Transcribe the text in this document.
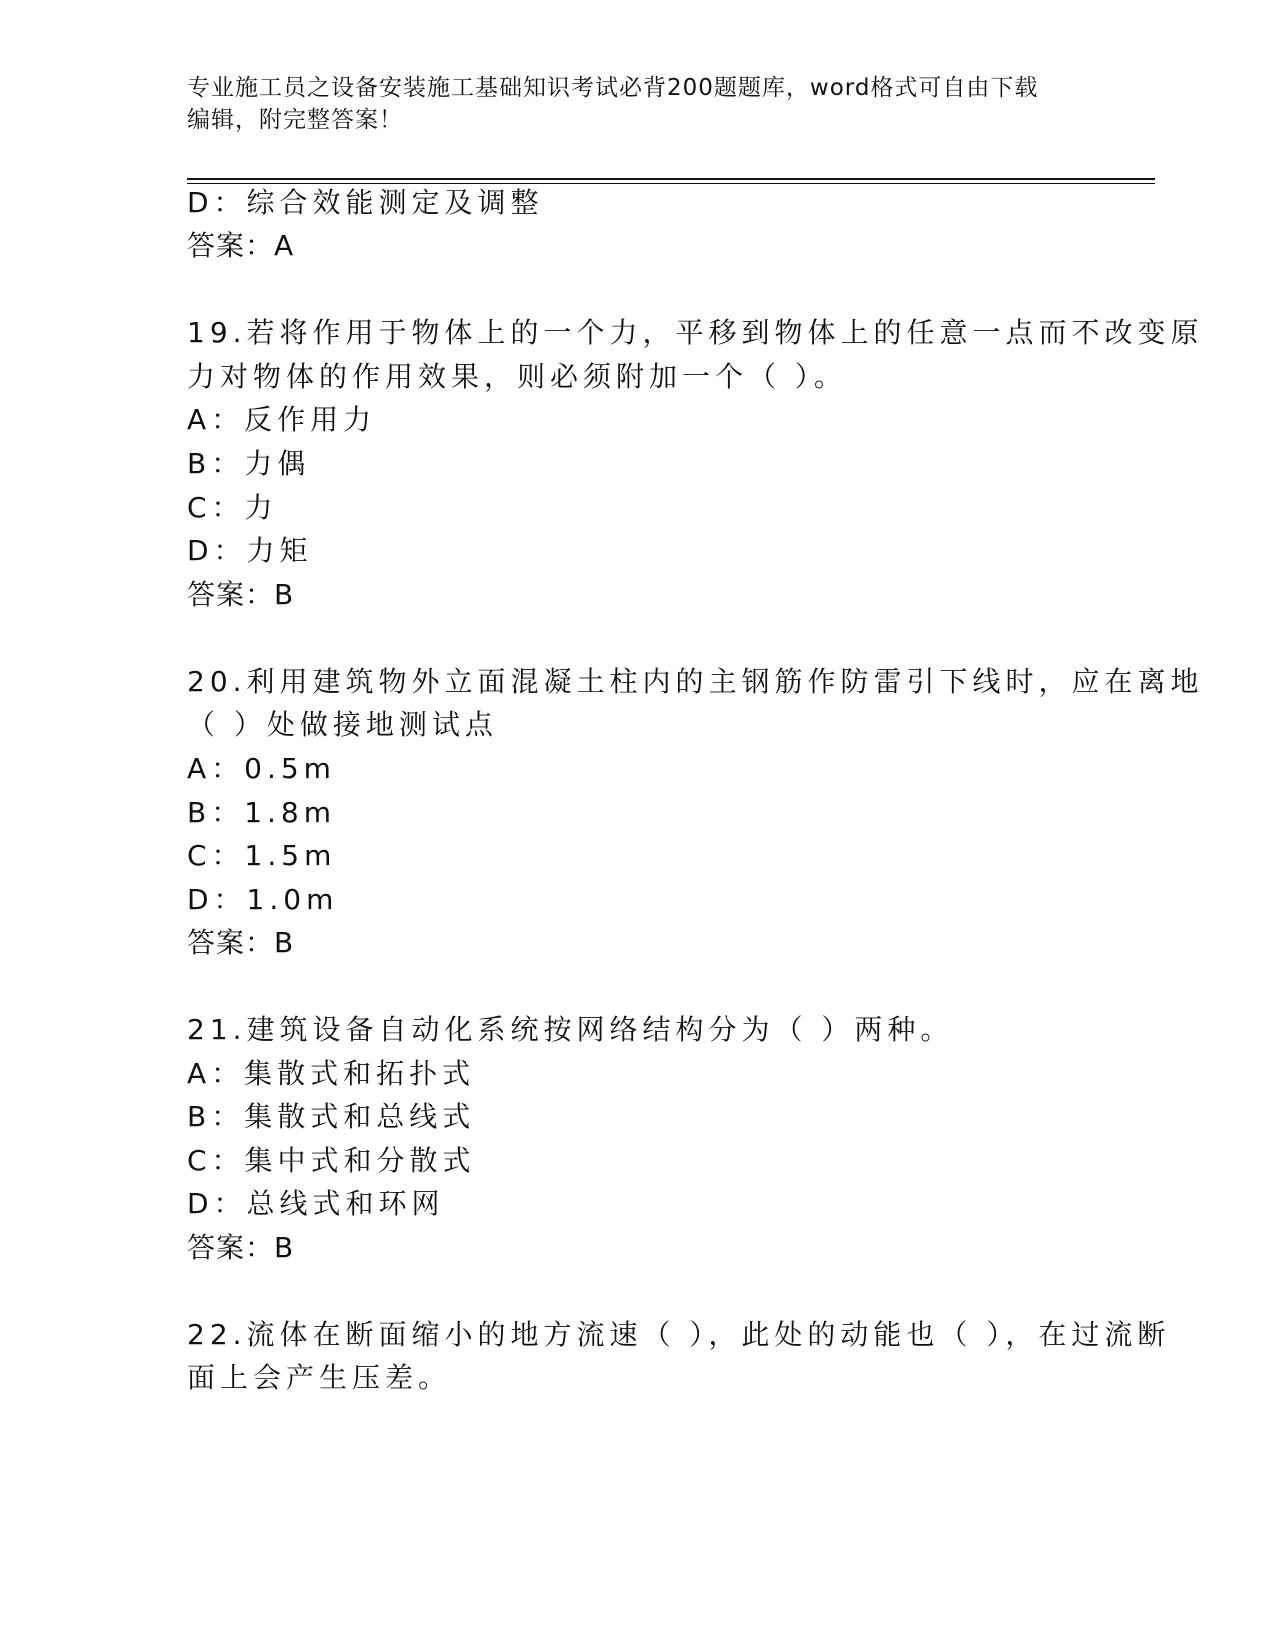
专业施工员之设备安装施工基础知识考试必背200题题库，word格式可自由下载
编辑，附完整答案！
D：综合效能测定及调整
答案：A
19.若将作用于物体上的一个力，平移到物体上的任意一点而不改变原
力对物体的作用效果，则必须附加一个（ ）。
A：反作用力
B：力偶
C：力
D：力矩
答案：B
20.利用建筑物外立面混凝土柱内的主钢筋作防雷引下线时，应在离地
（ ）处做接地测试点
A：0.5m
B：1.8m
C：1.5m
D：1.0m
答案：B
21.建筑设备自动化系统按网络结构分为（ ）两种。
A：集散式和拓扑式
B：集散式和总线式
C：集中式和分散式
D：总线式和环网
答案：B
22.流体在断面缩小的地方流速（ ），此处的动能也（ ），在过流断
面上会产生压差。
